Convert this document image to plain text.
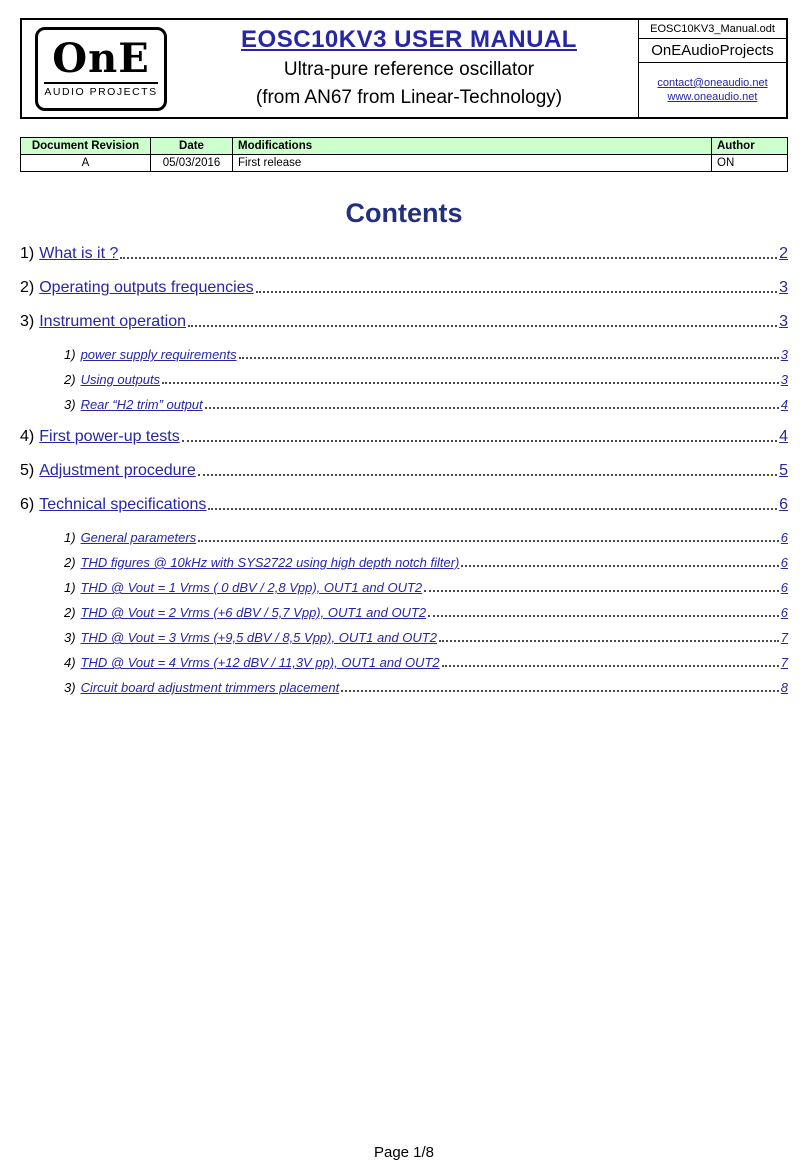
OnE
AUDIO PROJECTS
EOSC10KV3 USER MANUAL
Ultra-pure reference oscillator
(from AN67 from Linear-Technology)
EOSC10KV3_Manual.odt
OnEAudioProjects
contact@oneaudio.net
www.oneaudio.net
Document Revision	Date	Modifications	Author
A	05/03/2016	First release	ON
Contents
1) What is it ?	2
2) Operating outputs frequencies	3
3) Instrument operation	3
1) power supply requirements	3
2) Using outputs	3
3) Rear “H2 trim” output	4
4) First power-up tests	4
5) Adjustment procedure	5
6) Technical specifications	6
1) General parameters	6
2) THD figures @ 10kHz with SYS2722 using high depth notch filter)	6
1) THD @ Vout = 1 Vrms ( 0 dBV / 2,8 Vpp), OUT1 and OUT2	6
2) THD @ Vout = 2 Vrms (+6 dBV / 5,7 Vpp), OUT1 and OUT2	6
3) THD @ Vout = 3 Vrms (+9,5 dBV / 8,5 Vpp), OUT1 and OUT2	7
4) THD @ Vout = 4 Vrms (+12 dBV / 11,3V pp), OUT1 and OUT2	7
3) Circuit board adjustment trimmers placement	8
Page 1/8
